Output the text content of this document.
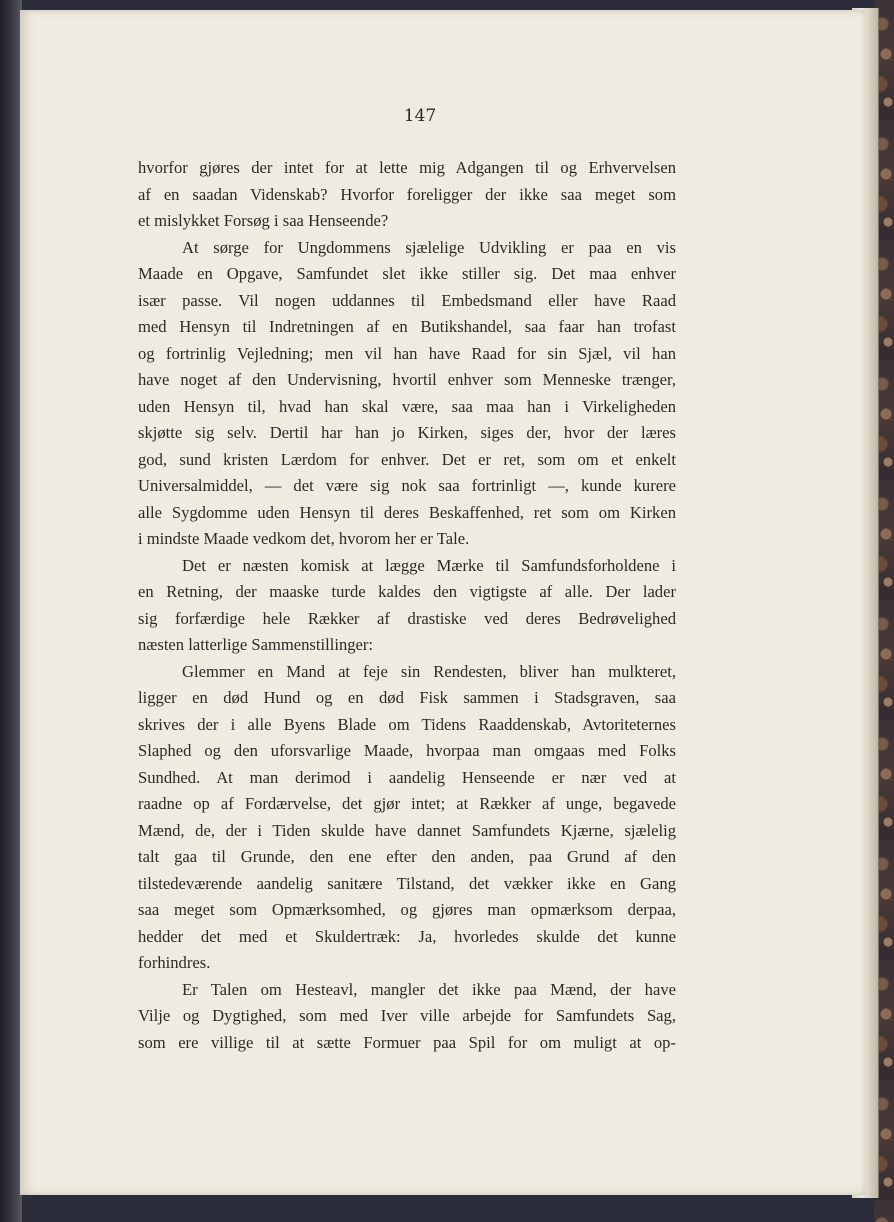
147
hvorfor gjøres der intet for at lette mig Adgangen til og Erhvervelsen
af en saadan Videnskab? Hvorfor foreligger der ikke saa meget som
et mislykket Forsøg i saa Henseende?
At sørge for Ungdommens sjælelige Udvikling er paa en vis
Maade en Opgave, Samfundet slet ikke stiller sig. Det maa enhver
især passe. Vil nogen uddannes til Embedsmand eller have Raad
med Hensyn til Indretningen af en Butikshandel, saa faar han trofast
og fortrinlig Vejledning; men vil han have Raad for sin Sjæl, vil han
have noget af den Undervisning, hvortil enhver som Menneske trænger,
uden Hensyn til, hvad han skal være, saa maa han i Virkeligheden
skjøtte sig selv. Dertil har han jo Kirken, siges der, hvor der læres
god, sund kristen Lærdom for enhver. Det er ret, som om et enkelt
Universalmiddel, — det være sig nok saa fortrinligt —, kunde kurere
alle Sygdomme uden Hensyn til deres Beskaffenhed, ret som om Kirken
i mindste Maade vedkom det, hvorom her er Tale.
Det er næsten komisk at lægge Mærke til Samfundsforholdene i
en Retning, der maaske turde kaldes den vigtigste af alle. Der lader
sig forfærdige hele Rækker af drastiske ved deres Bedrøvelighed
næsten latterlige Sammenstillinger:
Glemmer en Mand at feje sin Rendesten, bliver han mulkteret,
ligger en død Hund og en død Fisk sammen i Stadsgraven, saa
skrives der i alle Byens Blade om Tidens Raaddenskab, Avtoriteternes
Slaphed og den uforsvarlige Maade, hvorpaa man omgaas med Folks
Sundhed. At man derimod i aandelig Henseende er nær ved at
raadne op af Fordærvelse, det gjør intet; at Rækker af unge, begavede
Mænd, de, der i Tiden skulde have dannet Samfundets Kjærne, sjælelig
talt gaa til Grunde, den ene efter den anden, paa Grund af den
tilstedeværende aandelig sanitære Tilstand, det vækker ikke en Gang
saa meget som Opmærksomhed, og gjøres man opmærksom derpaa,
hedder det med et Skuldertræk: Ja, hvorledes skulde det kunne
forhindres.
Er Talen om Hesteavl, mangler det ikke paa Mænd, der have
Vilje og Dygtighed, som med Iver ville arbejde for Samfundets Sag,
som ere villige til at sætte Formuer paa Spil for om muligt at op-
